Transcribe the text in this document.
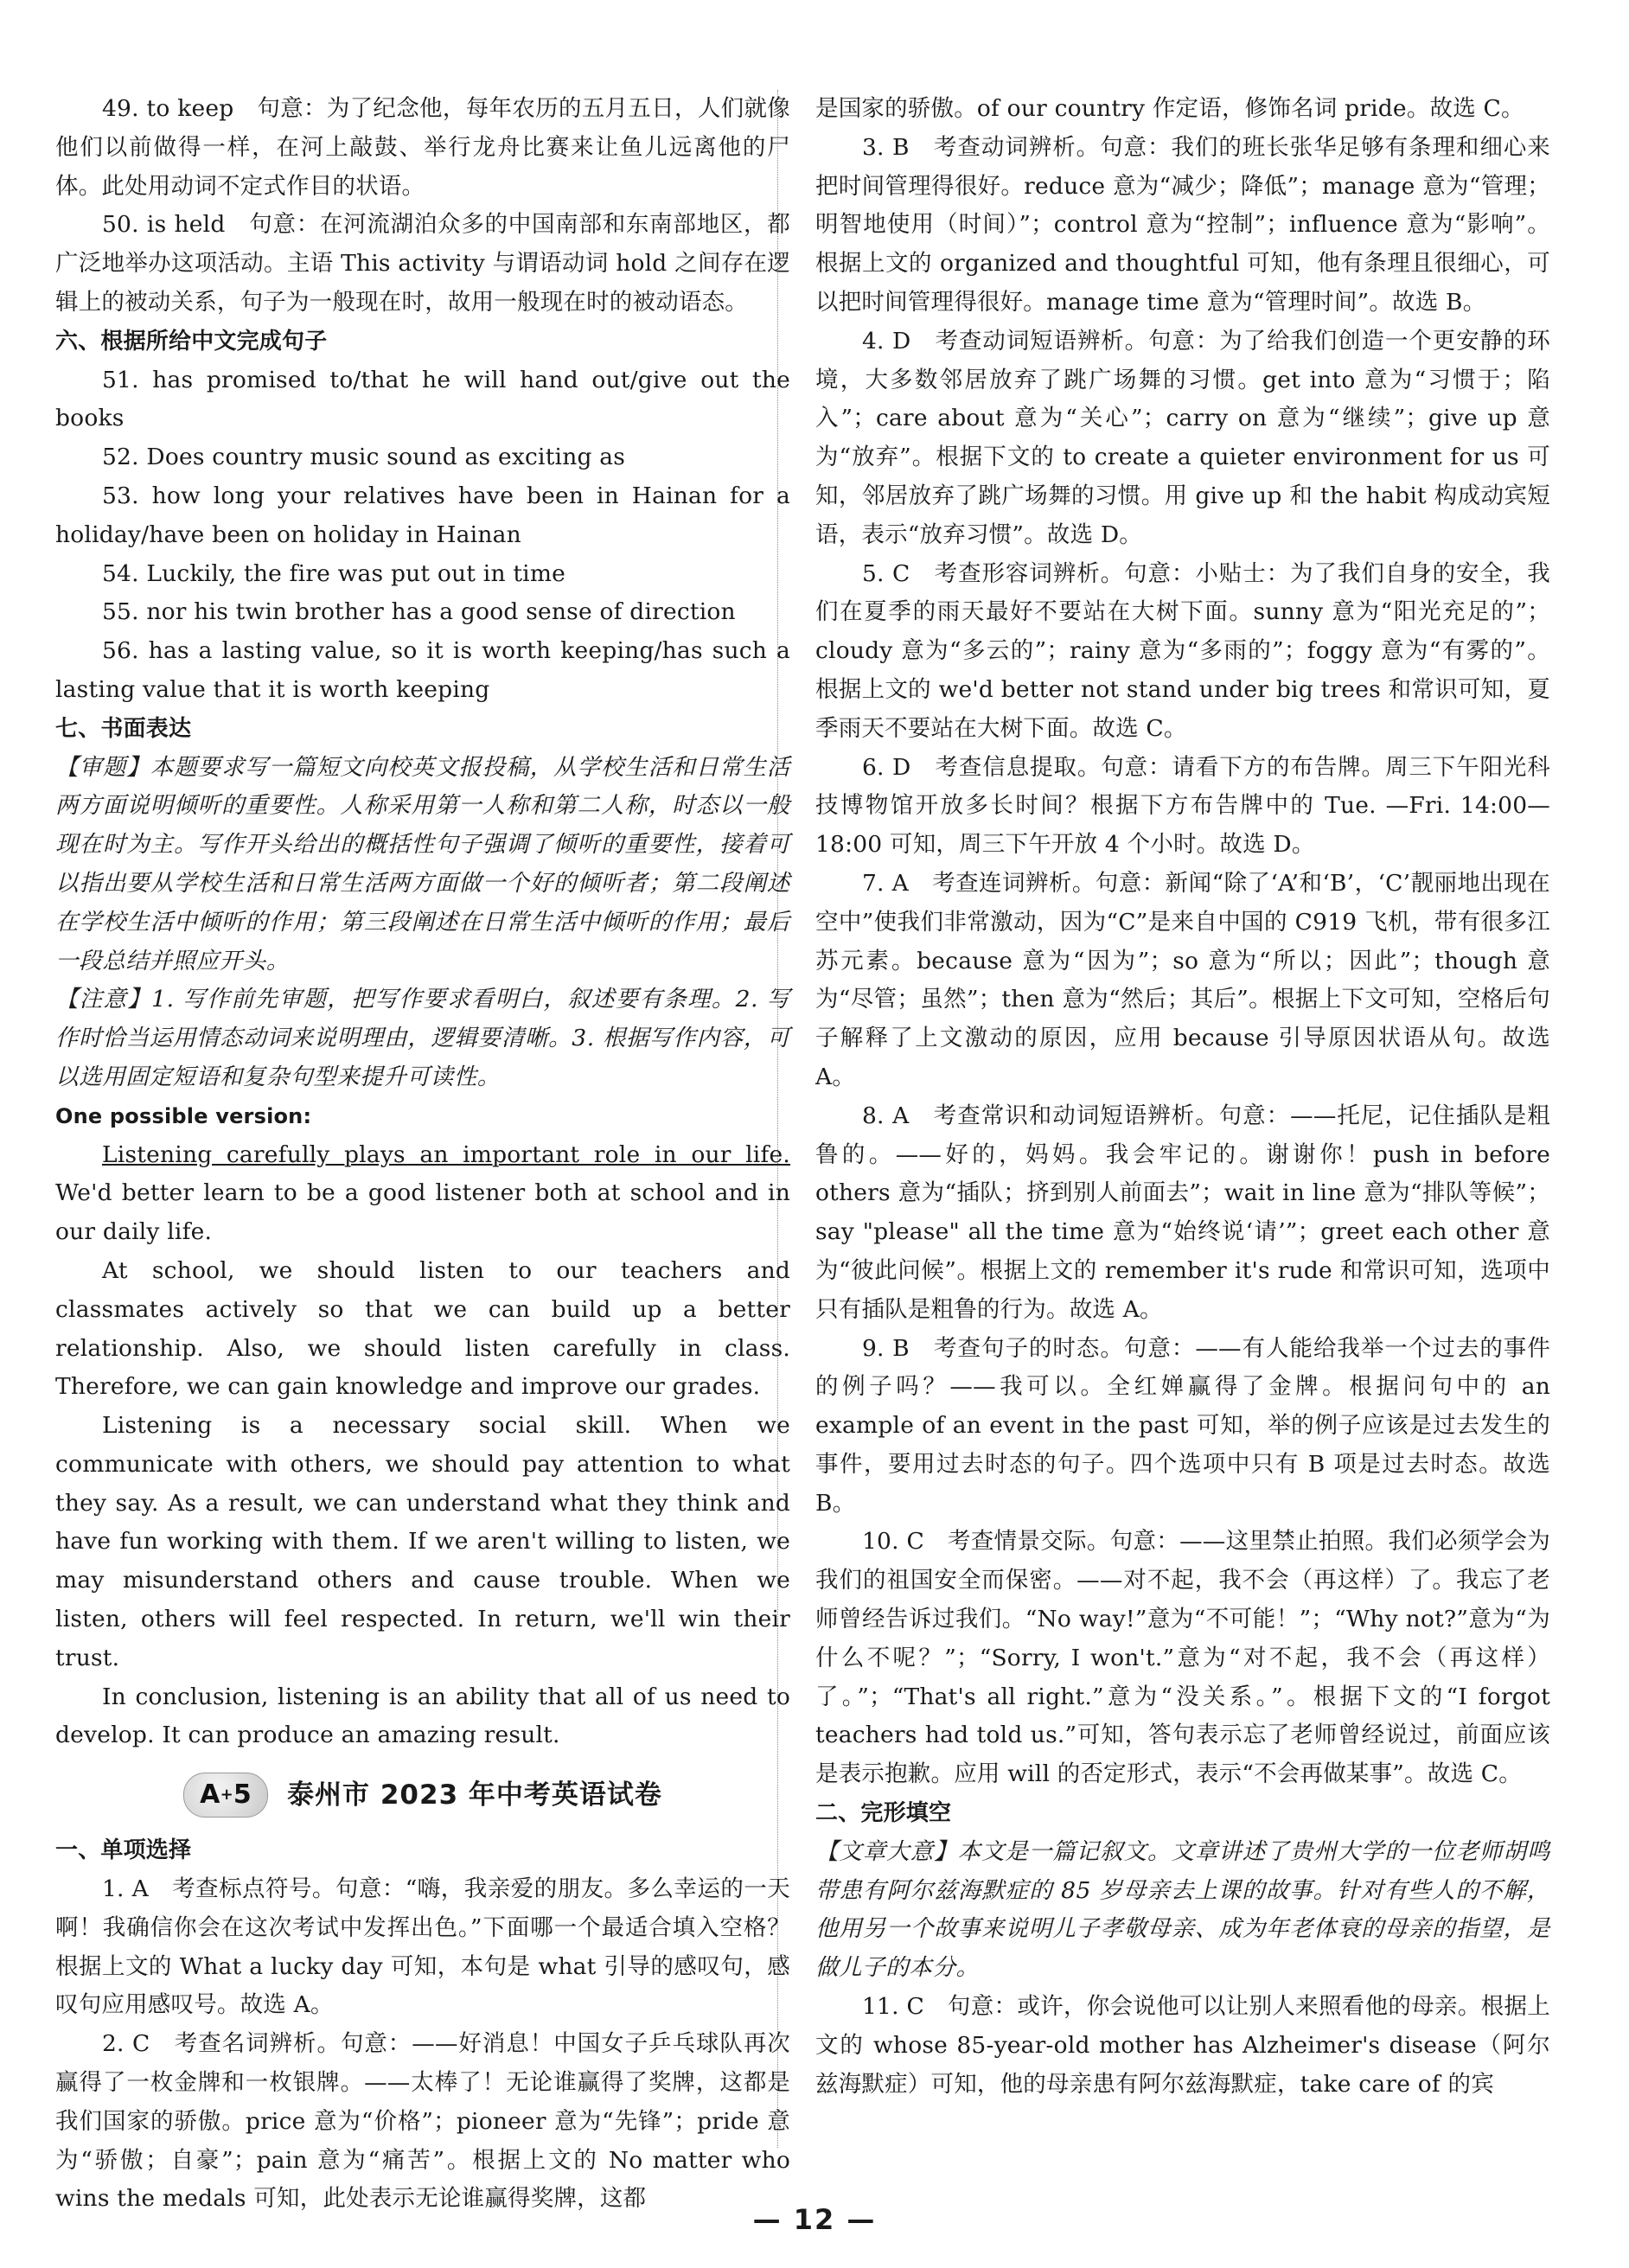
49. to keep　句意：为了纪念他，每年农历的五月五日，人们就像他们以前做得一样，在河上敲鼓、举行龙舟比赛来让鱼儿远离他的尸体。此处用动词不定式作目的状语。

50. is held　句意：在河流湖泊众多的中国南部和东南部地区，都广泛地举办这项活动。主语 This activity 与谓语动词 hold 之间存在逻辑上的被动关系，句子为一般现在时，故用一般现在时的被动语态。

六、根据所给中文完成句子

51. has promised to/that he will hand out/give out the books

52. Does country music sound as exciting as

53. how long your relatives have been in Hainan for a holiday/have been on holiday in Hainan

54. Luckily, the fire was put out in time

55. nor his twin brother has a good sense of direction

56. has a lasting value, so it is worth keeping/has such a lasting value that it is worth keeping

七、书面表达

【审题】本题要求写一篇短文向校英文报投稿，从学校生活和日常生活两方面说明倾听的重要性。人称采用第一人称和第二人称，时态以一般现在时为主。写作开头给出的概括性句子强调了倾听的重要性，接着可以指出要从学校生活和日常生活两方面做一个好的倾听者；第二段阐述在学校生活中倾听的作用；第三段阐述在日常生活中倾听的作用；最后一段总结并照应开头。

【注意】1. 写作前先审题，把写作要求看明白，叙述要有条理。2. 写作时恰当运用情态动词来说明理由，逻辑要清晰。3. 根据写作内容，可以选用固定短语和复杂句型来提升可读性。

One possible version:

Listening carefully plays an important role in our life. We'd better learn to be a good listener both at school and in our daily life.

At school, we should listen to our teachers and classmates actively so that we can build up a better relationship. Also, we should listen carefully in class. Therefore, we can gain knowledge and improve our grades.

Listening is a necessary social skill. When we communicate with others, we should pay attention to what they say. As a result, we can understand what they think and have fun working with them. If we aren't willing to listen, we may misunderstand others and cause trouble. When we listen, others will feel respected. In return, we'll win their trust.

In conclusion, listening is an ability that all of us need to develop. It can produce an amazing result.

A + 5 泰州市 2023 年中考英语试卷

一、单项选择

1. A　考查标点符号。句意：“嗨，我亲爱的朋友。多么幸运的一天啊！我确信你会在这次考试中发挥出色。”下面哪一个最适合填入空格？根据上文的 What a lucky day 可知，本句是 what 引导的感叹句，感叹句应用感叹号。故选 A。

2. C　考查名词辨析。句意：——好消息！中国女子乒乓球队再次赢得了一枚金牌和一枚银牌。——太棒了！无论谁赢得了奖牌，这都是我们国家的骄傲。price 意为“价格”；pioneer 意为“先锋”；pride 意为“骄傲；自豪”；pain 意为“痛苦”。根据上文的 No matter who wins the medals 可知，此处表示无论谁赢得奖牌，这都

是国家的骄傲。of our country 作定语，修饰名词 pride。故选 C。

3. B　考查动词辨析。句意：我们的班长张华足够有条理和细心来把时间管理得很好。reduce 意为“减少；降低”；manage 意为“管理；明智地使用（时间）”；control 意为“控制”；influence 意为“影响”。根据上文的 organized and thoughtful 可知，他有条理且很细心，可以把时间管理得很好。manage time 意为“管理时间”。故选 B。

4. D　考查动词短语辨析。句意：为了给我们创造一个更安静的环境，大多数邻居放弃了跳广场舞的习惯。get into 意为“习惯于；陷入”；care about 意为“关心”；carry on 意为“继续”；give up 意为“放弃”。根据下文的 to create a quieter environment for us 可知，邻居放弃了跳广场舞的习惯。用 give up 和 the habit 构成动宾短语，表示“放弃习惯”。故选 D。

5. C　考查形容词辨析。句意：小贴士：为了我们自身的安全，我们在夏季的雨天最好不要站在大树下面。sunny 意为“阳光充足的”；cloudy 意为“多云的”；rainy 意为“多雨的”；foggy 意为“有雾的”。根据上文的 we'd better not stand under big trees 和常识可知，夏季雨天不要站在大树下面。故选 C。

6. D　考查信息提取。句意：请看下方的布告牌。周三下午阳光科技博物馆开放多长时间？根据下方布告牌中的 Tue. —Fri. 14:00—18:00 可知，周三下午开放 4 个小时。故选 D。

7. A　考查连词辨析。句意：新闻“除了‘A’和‘B’，‘C’靓丽地出现在空中”使我们非常激动，因为“C”是来自中国的 C919 飞机，带有很多江苏元素。because 意为“因为”；so 意为“所以；因此”；though 意为“尽管；虽然”；then 意为“然后；其后”。根据上下文可知，空格后句子解释了上文激动的原因，应用 because 引导原因状语从句。故选 A。

8. A　考查常识和动词短语辨析。句意：——托尼，记住插队是粗鲁的。——好的，妈妈。我会牢记的。谢谢你！push in before others 意为“插队；挤到别人前面去”；wait in line 意为“排队等候”；say "please" all the time 意为“始终说‘请’”；greet each other 意为“彼此问候”。根据上文的 remember it's rude 和常识可知，选项中只有插队是粗鲁的行为。故选 A。

9. B　考查句子的时态。句意：——有人能给我举一个过去的事件的例子吗？——我可以。全红婵赢得了金牌。根据问句中的 an example of an event in the past 可知，举的例子应该是过去发生的事件，要用过去时态的句子。四个选项中只有 B 项是过去时态。故选 B。

10. C　考查情景交际。句意：——这里禁止拍照。我们必须学会为我们的祖国安全而保密。——对不起，我不会（再这样）了。我忘了老师曾经告诉过我们。“No way!”意为“不可能！”；“Why not?”意为“为什么不呢？”；“Sorry, I won't.”意为“对不起，我不会（再这样）了。”；“That's all right.”意为“没关系。”。根据下文的“I forgot teachers had told us.”可知，答句表示忘了老师曾经说过，前面应该是表示抱歉。应用 will 的否定形式，表示“不会再做某事”。故选 C。

二、完形填空

【文章大意】本文是一篇记叙文。文章讲述了贵州大学的一位老师胡鸣带患有阿尔兹海默症的 85 岁母亲去上课的故事。针对有些人的不解，他用另一个故事来说明儿子孝敬母亲、成为年老体衰的母亲的指望，是做儿子的本分。

11. C　句意：或许，你会说他可以让别人来照看他的母亲。根据上文的 whose 85-year-old mother has Alzheimer's disease（阿尔兹海默症）可知，他的母亲患有阿尔兹海默症，take care of 的宾

— 12 —
